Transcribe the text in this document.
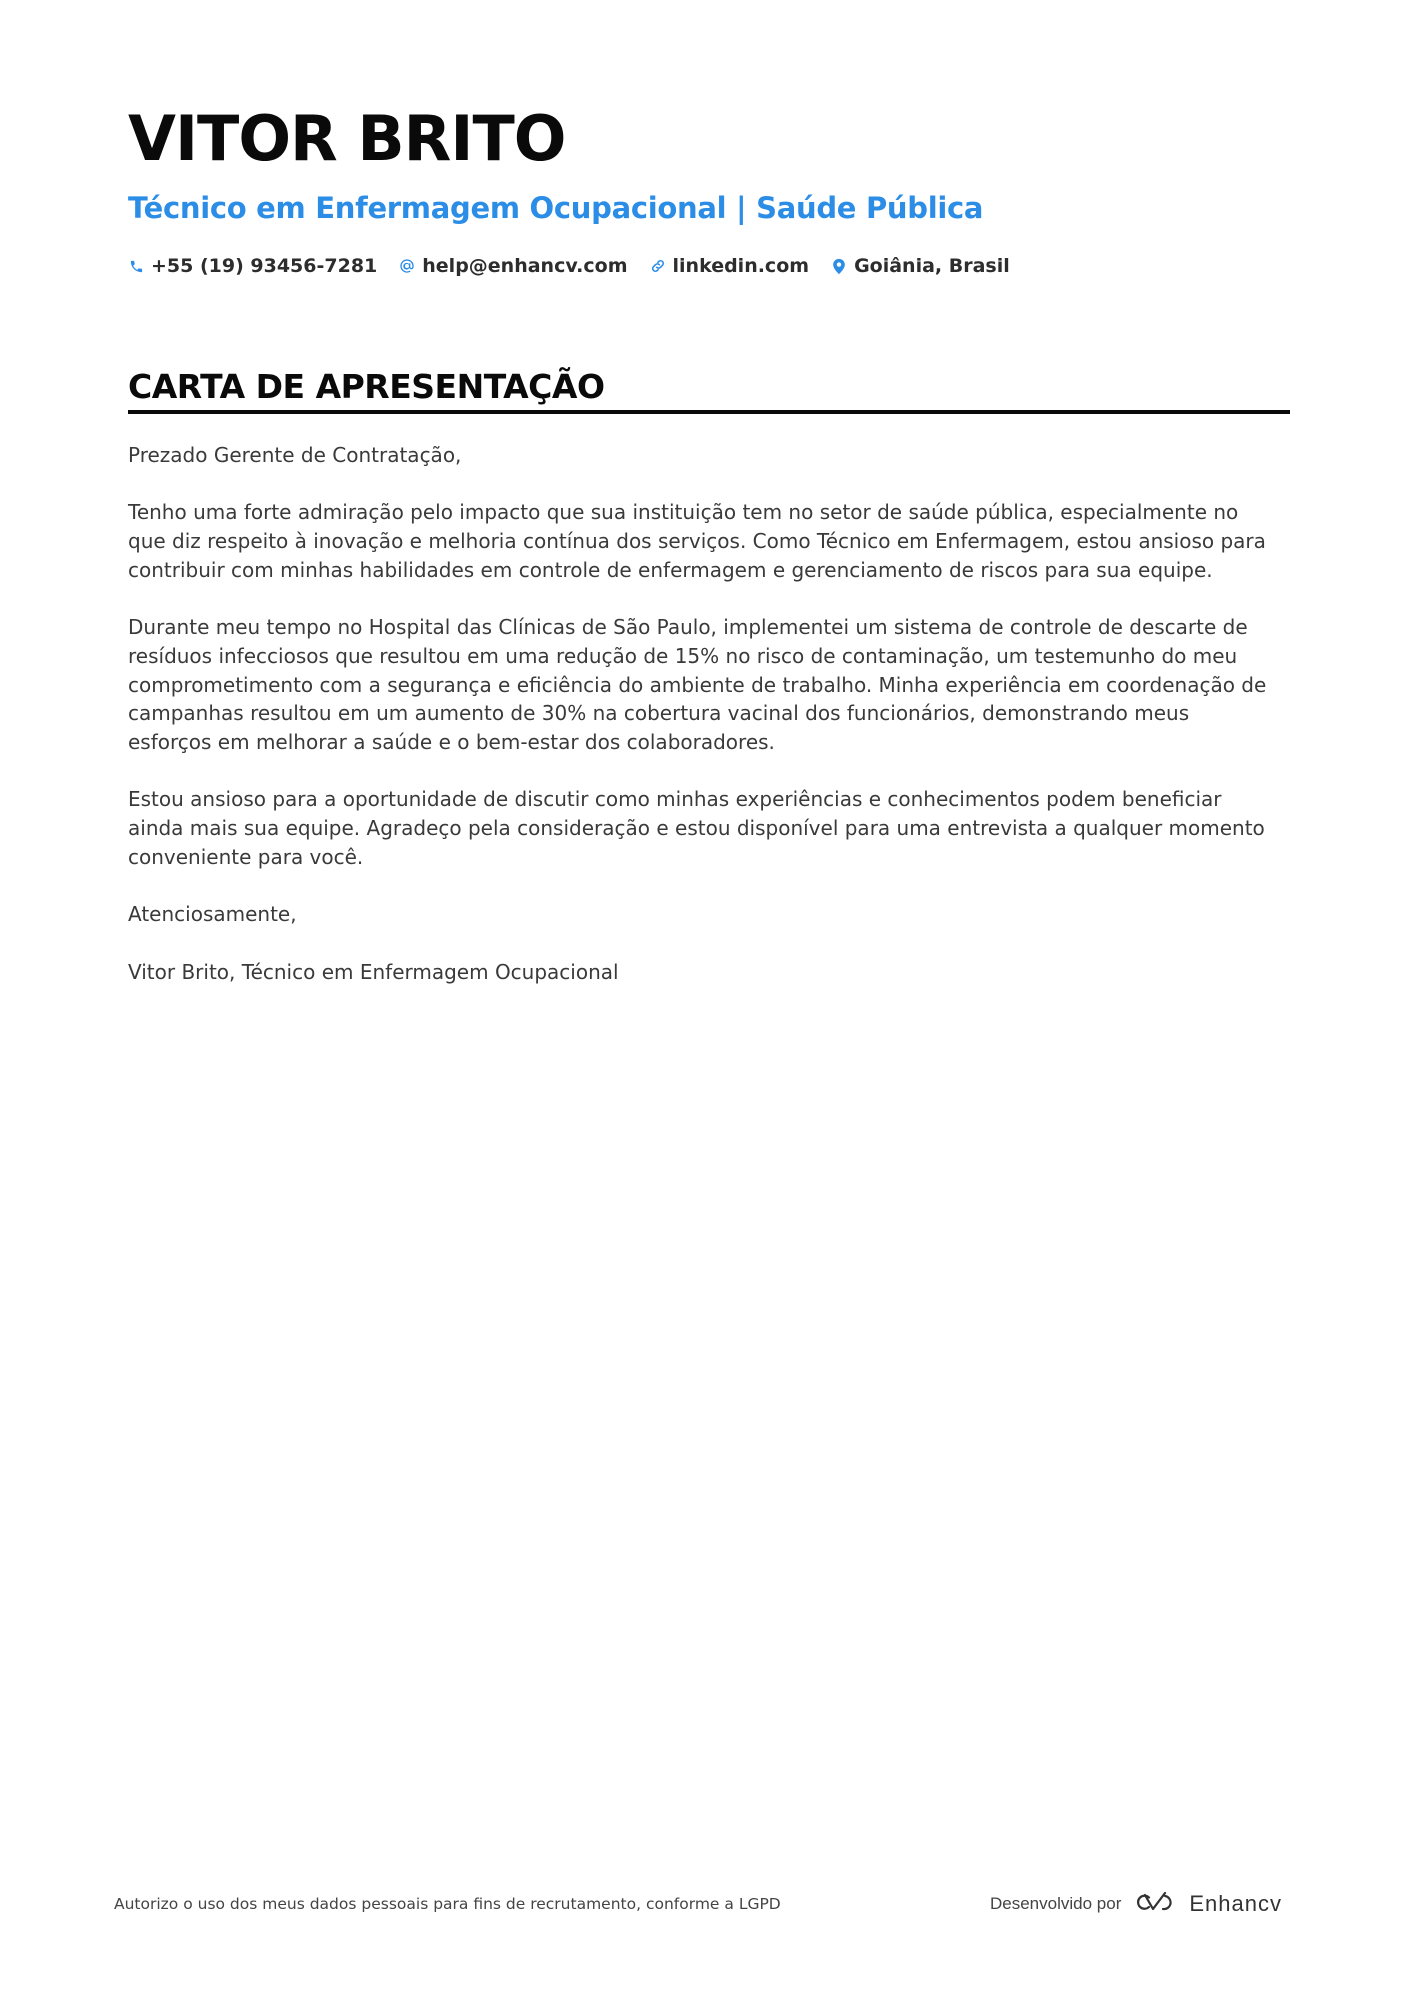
VITOR BRITO
Técnico em Enfermagem Ocupacional | Saúde Pública
+55 (19) 93456-7281 help@enhancv.com linkedin.com Goiânia, Brasil
CARTA DE APRESENTAÇÃO

Prezado Gerente de Contratação,

Tenho uma forte admiração pelo impacto que sua instituição tem no setor de saúde pública, especialmente no que diz respeito à inovação e melhoria contínua dos serviços. Como Técnico em Enfermagem, estou ansioso para contribuir com minhas habilidades em controle de enfermagem e gerenciamento de riscos para sua equipe.

Durante meu tempo no Hospital das Clínicas de São Paulo, implementei um sistema de controle de descarte de resíduos infecciosos que resultou em uma redução de 15% no risco de contaminação, um testemunho do meu comprometimento com a segurança e eficiência do ambiente de trabalho. Minha experiência em coordenação de campanhas resultou em um aumento de 30% na cobertura vacinal dos funcionários, demonstrando meus esforços em melhorar a saúde e o bem-estar dos colaboradores.

Estou ansioso para a oportunidade de discutir como minhas experiências e conhecimentos podem beneficiar ainda mais sua equipe. Agradeço pela consideração e estou disponível para uma entrevista a qualquer momento conveniente para você.

Atenciosamente,

Vitor Brito, Técnico em Enfermagem Ocupacional

Autorizo o uso dos meus dados pessoais para fins de recrutamento, conforme a LGPD	Desenvolvido por	Enhancv
